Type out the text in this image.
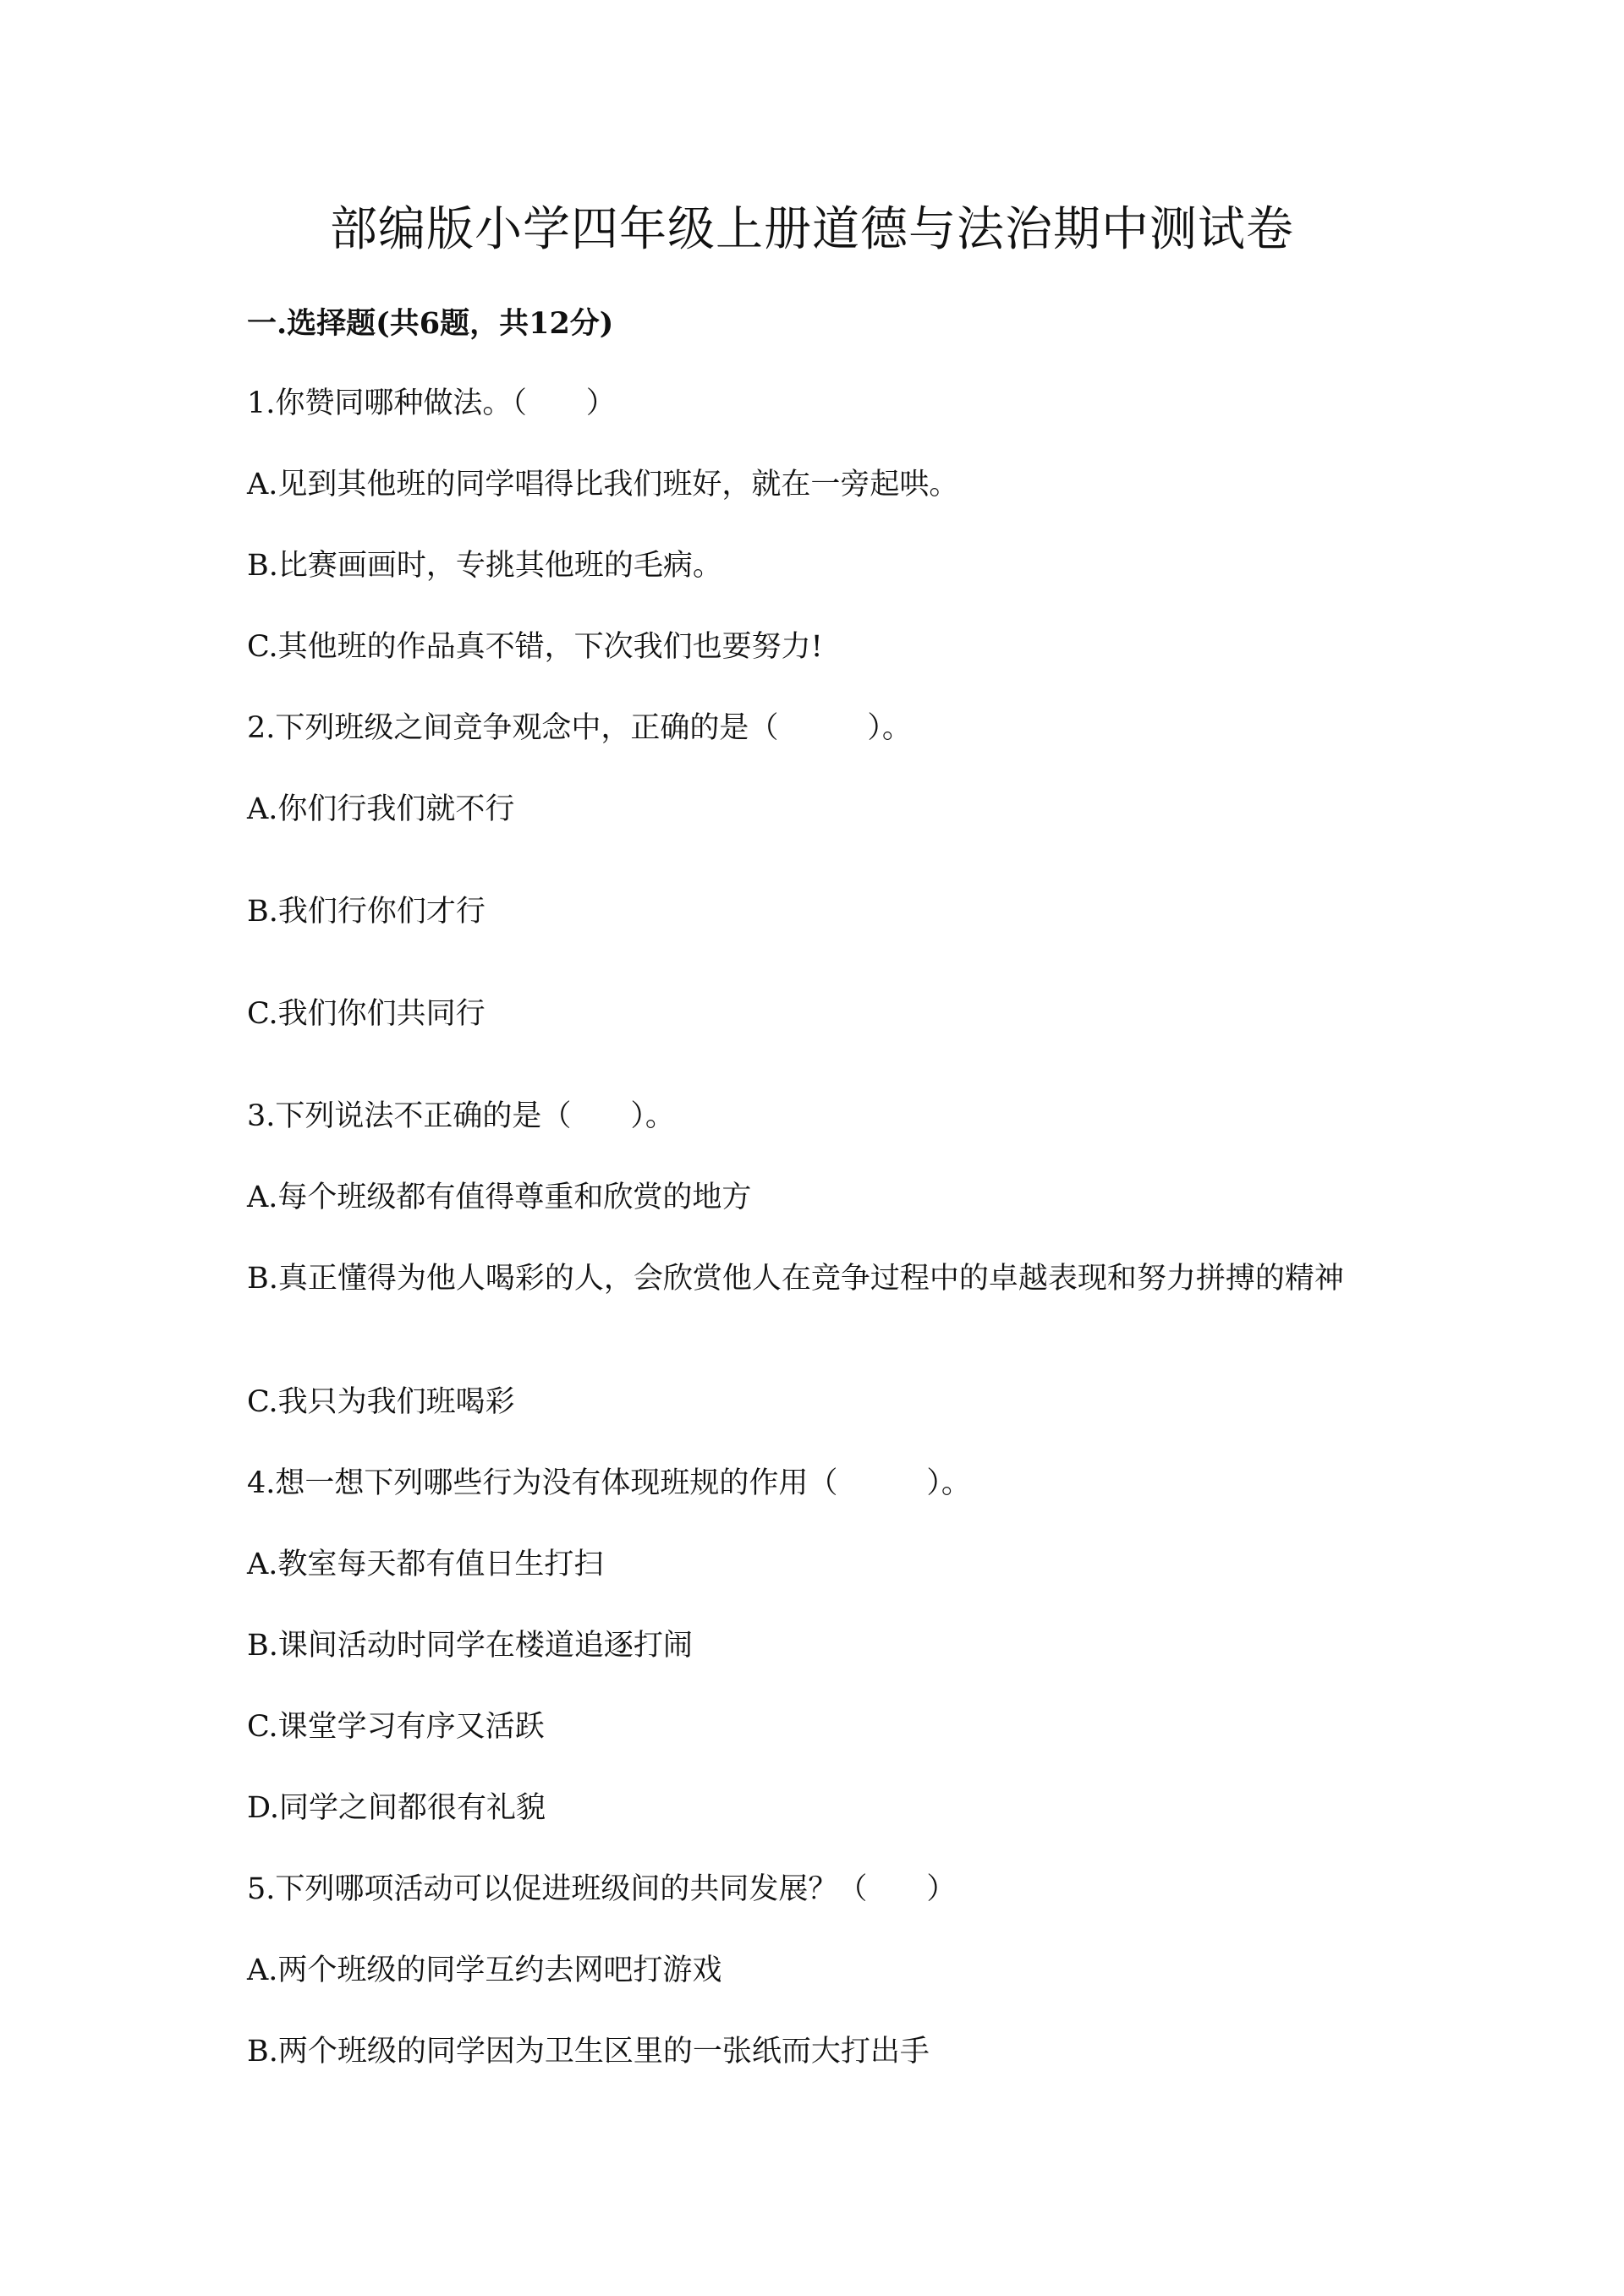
部编版小学四年级上册道德与法治期中测试卷
一.选择题(共6题，共12分)
1.你赞同哪种做法。（　　）
A.见到其他班的同学唱得比我们班好，就在一旁起哄。
B.比赛画画时，专挑其他班的毛病。
C.其他班的作品真不错，下次我们也要努力!
2.下列班级之间竞争观念中，正确的是（　　　）。
A.你们行我们就不行
B.我们行你们才行
C.我们你们共同行
3.下列说法不正确的是（　　）。
A.每个班级都有值得尊重和欣赏的地方
B.真正懂得为他人喝彩的人，会欣赏他人在竞争过程中的卓越表现和努力拼搏的精神
C.我只为我们班喝彩
4.想一想下列哪些行为没有体现班规的作用（　　　）。
A.教室每天都有值日生打扫
B.课间活动时同学在楼道追逐打闹
C.课堂学习有序又活跃
D.同学之间都很有礼貌
5.下列哪项活动可以促进班级间的共同发展？（　　）
A.两个班级的同学互约去网吧打游戏
B.两个班级的同学因为卫生区里的一张纸而大打出手
